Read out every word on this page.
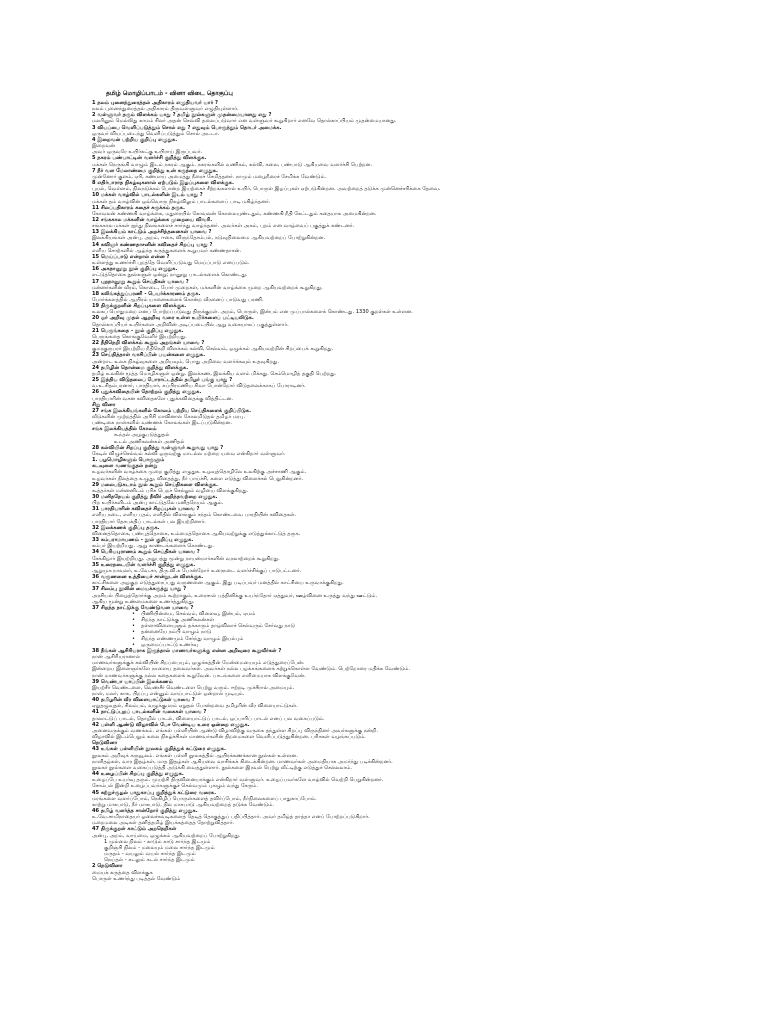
தமிழ் மொழிப்பாடம் - வினா விடை தொகுப்பு
1 நலம் புனைந்துரைத்தல் அதிகாரம் எழுதியவர் யார் ?
நலம் புனைந்துரைத்தல் அதிகாரம் திருவள்ளுவர் எழுதியுள்ளார்.
2 வள்ளுவர் தரும் விளக்கம் யாது ? தமிழ் நூல்களுள் முதன்மையானது எது ?
மலரினும் மெல்லிது காமம் சிலர் அதன் செவ்வி தலைப்படுவார் என வள்ளுவர் கூறுகிறார் எனவே தொல்காப்பியம் முதன்மையானது.
3 வியப்பை வெளிப்படுத்தும் சொல் எது ? எதுவும் பொருந்தும் தொடர் அமைக்க.
ஒருவர் வியப்படைந்து வெளிப்படுத்தும் சொல் அடடா.
4 இறைவன் பற்றிய குறிப்பு எழுதுக.
இறைவன்
அவர் ஒருவரே உயிர்கட்கு உயிராய் இருப்பவர்.
5 நகரம் பண்பாட்டின் வளர்ச்சி குறித்து விளக்குக.
மக்கள் நெருங்கி வாழும் இடம் நகரம் ஆகும். நகரங்களில் வணிகம், கல்வி, கலை, பண்பாடு ஆகியவை வளர்ச்சி பெற்றன.
7 நீர் வள மேலாண்மை குறித்து உன் கருத்தை எழுதுக.
முன்னோர் குளம், ஏரி, கண்மாய் அமைத்து நீரைச் சேமித்தனர். நாமும் மழைநீரைச் சேமிக்க வேண்டும்.
8 எதிர்பாராத நிகழ்வுகளால் ஏற்படும் இழப்புகளை விளக்குக.
புயல், வெள்ளம், நிலநடுக்கம் போன்ற இயற்கைச் சீற்றங்களால் உயிர், பொருள் இழப்புகள் ஏற்படுகின்றன. அவற்றைத் தடுக்க முன்னெச்சரிக்கை தேவை.
10 மக்கள் வாழ்வில் பாடல்களின் இடம் யாது ?
மக்கள் தம் வாழ்வின் ஒவ்வொரு நிகழ்விலும் பாடல்களைப் பாடி மகிழ்ந்தனர்.
11 சிலப்பதிகாரம் கதைச் சுருக்கம் தருக.
கோவலன் கண்ணகி வாழ்க்கை, மதுரையில் கோவலன் கொலையுண்டதும், கண்ணகி நீதி கேட்டதும் கதையாக அமைகின்றன.
12 சங்ககால மக்களின் வாழ்க்கை முறையை விவரி.
சங்ககால மக்கள் ஐந்து நிலங்களைச் சார்ந்து வாழ்ந்தனர். அவர்கள் அகம், புறம் என வாழ்வைப் பகுத்துக் கண்டனர்.
13 இலக்கியம் காட்டும் அறச்சிந்தனைகள் யாவை ?
இலக்கியங்கள் அன்பு, அறம், ஈகை, விருந்தோம்பல், நடுவுநிலைமை ஆகியவற்றைப் போற்றுகின்றன.
14 கவிஞர் கண்ணதாசனின் கவிதைச் சிறப்பு யாது ?
எளிய சொற்களில் ஆழ்ந்த கருத்துகளைக் கூறுபவர் கண்ணதாசன்.
15 மெய்ப்பாடு என்றால் என்ன ?
உள்ளத்து உணர்ச்சி புறத்தே வெளிப்படுவது மெய்ப்பாடு எனப்படும்.
16 அகநானூறு நூல் குறிப்பு எழுதுக.
எட்டுத்தொகை நூல்களுள் ஒன்று; நானூறு பாடல்களைக் கொண்டது.
17 புறநானூறு கூறும் செய்திகள் யாவை ?
மன்னர்களின் வீரம், கொடை, போர் முறைகள், மக்களின் வாழ்க்கை முறை ஆகியவற்றைக் கூறுகிறது.
18 கலிங்கத்துப்பரணி - பெயர்க்காரணம் தருக.
போர்க்களத்தில் ஆயிரம் யானைகளைக் கொன்ற வீரனைப் பாடுவது பரணி.
19 திருக்குறளின் சிறப்புகளை விளக்குக.
உலகப் பொதுமறை எனப் போற்றப்படுவது திருக்குறள். அறம், பொருள், இன்பம் என முப்பால்களைக் கொண்டது. 1330 குறள்கள் உள்ளன.
20 ஓர் அறிவு முதல் ஆறறிவு வரை உள்ள உயிர்களைப் பட்டியலிடுக.
தொல்காப்பியர் உயிர்களை அறிவின் அடிப்படையில் ஆறு வகையாகப் பகுத்துள்ளார்.
21 பெருங்கதை - நூல் குறிப்பு எழுதுக.
பெருங்கதை கொங்குவேளிர் இயற்றியது.
22 நீதிநெறி விளக்கம் கூறும் அறங்கள் யாவை ?
குமரகுருபரர் இயற்றிய நீதிநெறி விளக்கம் கல்வி, செல்வம், ஒழுக்கம் ஆகியவற்றின் சிறப்பைக் கூறுகிறது.
23 செய்தித்தாள் வாசிப்பின் பயன்களை எழுதுக.
அன்றாட உலக நிகழ்வுகளை அறியவும், பொது அறிவை வளர்க்கவும் உதவுகிறது.
24 தமிழின் தொன்மை குறித்து விளக்குக.
தமிழ் உலகின் மூத்த மொழிகளுள் ஒன்று. இலக்கண, இலக்கிய வளம் மிக்கது. செம்மொழித் தகுதி பெற்றது.
25 இந்திய விடுதலைப் போராட்டத்தில் தமிழர் பங்கு யாது ?
வ.உ.சிதம்பரனார், பாரதியார், சுப்பிரமணிய சிவா போன்றோர் விடுதலைக்காகப் போராடினர்.
26 புதுக்கவிதையின் தோற்றம் குறித்து எழுதுக.
பாரதியாரின் வசன கவிதைகளே புதுக்கவிதைக்கு வித்திட்டன.
சிறு வினா
27 சங்க இலக்கியங்களில் கோலம் பற்றிய செய்திகளைக் குறிப்பிடுக.
வீடுகளின் முற்றத்தில் அரிசி மாவினால் கோலமிடுதல் தமிழர் மரபு.
பண்டிகை நாள்களில் வண்ணக் கோலங்கள் இடப்படுகின்றன.
சங்க இலக்கியத்தில் கோலம்
கூந்தல் அழகுபடுத்துதல்
உடல் அணிகலன்கள் அணிதல்
28 கல்வியின் சிறப்பு குறித்து வள்ளுவர் கூறுவது யாது ?
கேடில் விழுச்செல்வம் கல்வி ஒருவற்கு மாடல்ல மற்றை யவை என்கிறார் வள்ளுவர்.
1. பழமொழிகளும் பொருளும்
கடவுளை வணங்குதல் நன்று
உழவர்களின் வாழ்க்கை முறை குறித்து எழுதுக. உழவுத்தொழிலே உலகிற்கு அச்சாணி ஆகும்.
உழவர்கள் நிலத்தை உழுது, விதைத்து, நீர் பாய்ச்சி, களை எடுத்து விளைச்சல் பெறுகின்றனர்.
29 மலைபடுகடாம் நூல் கூறும் செய்திகளை விளக்குக.
கூத்தர்கள் மன்னனிடம் பரிசு பெறச் செல்லும் வழியை விளக்குகிறது.
30 மனிதநேயம் குறித்து நீவிர் அறிந்தவற்றை எழுதுக.
பிற உயிர்களிடம் அன்பு காட்டுதலே மனிதநேயம் ஆகும்.
31 பாரதியாரின் கவிதைச் சிறப்புகள் யாவை ?
எளிய நடை, எளிய பதம், எளிதில் விளங்கும் சந்தம் கொண்டவை பாரதியின் கவிதைகள்.
பாரதியார் தேசபக்திப் பாடல்கள் பல இயற்றினார்.
32 இலக்கணக் குறிப்பு தருக.
வினைத்தொகை, பண்புத்தொகை, உம்மைத்தொகை ஆகியவற்றுக்கு எடுத்துக்காட்டுத் தருக.
33 கம்பராமாயணம் - நூல் குறிப்பு எழுதுக.
கம்பர் இயற்றியது. ஆறு காண்டங்களைக் கொண்டது.
34 பெரியபுராணம் கூறும் செய்திகள் யாவை ?
சேக்கிழார் இயற்றியது. அறுபத்து மூன்று நாயன்மார்களின் வரலாற்றைக் கூறுகிறது.
35 உரைநடையின் வளர்ச்சி குறித்து எழுதுக.
ஆறுமுக நாவலர், உ.வே.சா, திரு.வி.க போன்றோர் உரைநடை வளர்ச்சிக்குப் பாடுபட்டனர்.
36 வருணனை உத்தியைச் சான்றுடன் விளக்குக.
காட்சிகளை அழகுற எடுத்துரைப்பது வருணனை ஆகும். இது படிப்பவர் மனத்தில் காட்சியை உருவாக்குகிறது.
37 சிலம்பு நூலின் மையக்கருத்து யாது ?
அரசியல் பிழைத்தோர்க்கு அறம் கூற்றாகும், உரைசால் பத்தினிக்கு உயர்ந்தோர் ஏத்துவர், ஊழ்வினை உருத்து வந்து ஊட்டும்.
ஆகிய மூன்று உண்மைகளை உணர்த்துகிறது.
37 சிறந்த நாட்டுக்கு வேண்டுவன யாவை ?
• பிணியின்மை, செல்வம், விளைவு, இன்பம், ஏமம்
• சிறந்த நாட்டுக்கு அணிகலன்கள்
• தள்ளாவிளையுளும் தக்காரும் தாழ்விலாச் செல்வரும் சேர்வது நாடு
• தன்னையே நம்பி வாழும் நாடு
• சிறந்த எண்ணமும் சேர்ந்து வாழும் இயல்பும்
• ஒருமைப்பாட்டு உணர்வு
38 நீங்கள் ஆசிரியராக இருந்தால் மாணவர்களுக்கு என்ன அறிவுரை கூறுவீர்கள் ?
நான் ஆசிரியரானால்
மாணவர்களுக்குக் கல்வியின் சிறப்பையும், ஒழுக்கத்தின் மேன்மையையும் எடுத்துரைப்பேன்.
இன்றைய இளைஞர்களே நாளைய தலைவர்கள். அவர்கள் நல்ல பழக்கங்களைக் கற்றுக்கொள்ள வேண்டும். பெற்றோரை மதிக்க வேண்டும்.
நான் மாணவர்களுக்கு நல்ல கதைகளைக் கூறுவேன். பாடங்களை எளிமையாக விளக்குவேன்.
39 வெண்பா யாப்பின் இலக்கணம்
இயற்சீர் வெண்டளை, வெண்சீர் வெண்டளை பெற்று வரும். ஈற்றடி முச்சீரால் அமையும்.
நாள், மலர், காசு, பிறப்பு என்னும் வாய்பாட்டுள் ஒன்றால் முடியும்.
40 தமிழரின் வீர விளையாட்டுகள் யாவை ?
ஏறுதழுவுதல், சிலம்பம், வழுக்குமரம் ஏறுதல் போன்றவை தமிழரின் வீர விளையாட்டுகள்.
41 நாட்டுப்புறப் பாடல்களின் வகைகள் யாவை ?
தாலாட்டுப் பாடல், தொழில் பாடல், விளையாட்டுப் பாடல், ஒப்பாரிப் பாடல் எனப் பல வகைப்படும்.
42 பள்ளி ஆண்டு விழாவில் பேச வேண்டிய உரை ஒன்றை எழுதுக.
அனைவருக்கும் வணக்கம். எங்கள் பள்ளியின் ஆண்டு விழாவிற்கு வருகை தந்துள்ள சிறப்பு விருந்தினர் அவர்களுக்கு நன்றி.
விழாவில் இடம்பெறும் கலை நிகழ்ச்சிகள் மாணவர்களின் திறமைகளை வெளிப்படுத்துகின்றன. பரிசுகள் வழங்கப்படும்.
நெடுவினா
43 உங்கள் பள்ளியின் நூலகம் குறித்துக் கட்டுரை எழுதுக.
நூலகம் அறிவுக் கருவூலம். எங்கள் பள்ளி நூலகத்தில் ஆயிரக்கணக்கான நூல்கள் உள்ளன.
நாளிதழ்கள், வார இதழ்கள், மாத இதழ்கள் ஆகியவை வாசிக்கக் கிடைக்கின்றன. மாணவர்கள் அமைதியாக அமர்ந்து படிக்கின்றனர்.
நூலகர் நூல்களை வகைப்படுத்தி அடுக்கி வைத்துள்ளார். நூல்களை இரவல் பெற்று வீட்டிற்கு எடுத்துச் செல்லலாம்.
44 உழைப்பின் சிறப்பு குறித்து எழுதுக.
உழைப்பே உயர்வு தரும். முயற்சி திருவினையாக்கும் என்கிறார் வள்ளுவர். உழைப்பவர்களே வாழ்வில் வெற்றி பெறுகின்றனர்.
சோம்பல் இன்றி உழைப்பவர்களுக்குச் செல்வமும் புகழும் வந்து சேரும்.
45 சுற்றுச்சூழல் பாதுகாப்பு குறித்துக் கட்டுரை வரைக.
மரங்களை வளர்ப்போம், நெகிழிப் பொருள்களைத் தவிர்ப்போம், நீர்நிலைகளைப் பாதுகாப்போம்.
காற்று மாசுபாடு, நீர் மாசுபாடு, நில மாசுபாடு ஆகியவற்றைத் தடுக்க வேண்டும்.
46 தமிழ் வளர்த்த சான்றோர் குறித்து எழுதுக.
உ.வே.சாமிநாதையர் ஓலைச்சுவடிகளைத் தேடித் தொகுத்துப் பதிப்பித்தார். அவர் தமிழ்த் தாத்தா எனப் போற்றப்படுகிறார்.
மறைமலை அடிகள் தனித்தமிழ் இயக்கத்தைத் தோற்றுவித்தார்.
47 திருக்குறள் காட்டும் அறநெறிகள்
அன்பு, அறம், வாய்மை, ஒழுக்கம் ஆகியவற்றைப் போற்றுகிறது.
1 முல்லை நிலம் - காடும் காடு சார்ந்த இடமும்
குறிஞ்சி நிலம் - மலையும் மலை சார்ந்த இடமும்
மருதம் - வயலும் வயல் சார்ந்த இடமும்
நெய்தல் - கடலும் கடல் சார்ந்த இடமும்
2 நெடுவினா
மையக் கருத்தை விளக்குக
பொருள் உணர்ந்து படித்தல் வேண்டும்
